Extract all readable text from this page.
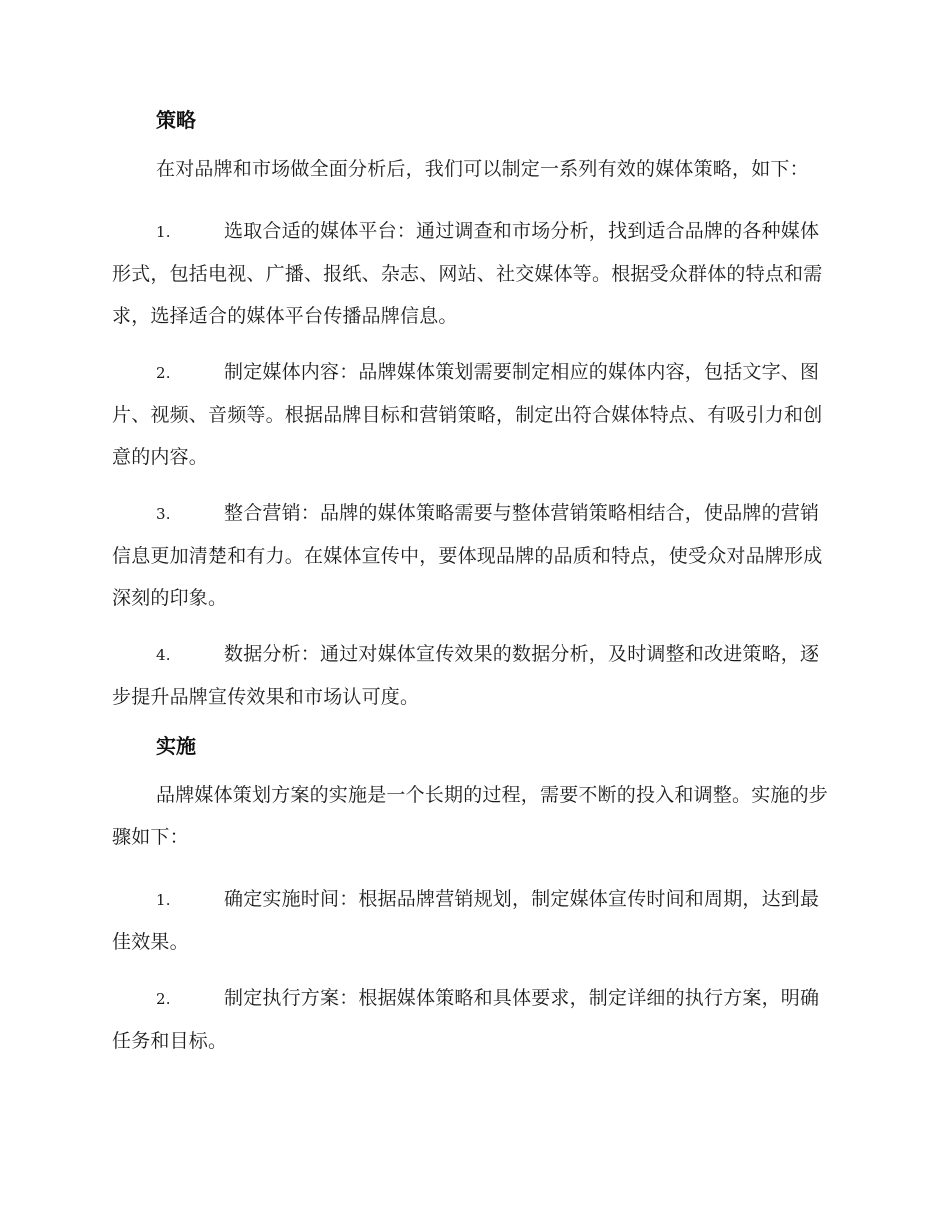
策略

在对品牌和市场做全面分析后，我们可以制定一系列有效的媒体策略，如下：

1.	选取合适的媒体平台：通过调查和市场分析，找到适合品牌的各种媒体形式，包括电视、广播、报纸、杂志、网站、社交媒体等。根据受众群体的特点和需求，选择适合的媒体平台传播品牌信息。

2.	制定媒体内容：品牌媒体策划需要制定相应的媒体内容，包括文字、图片、视频、音频等。根据品牌目标和营销策略，制定出符合媒体特点、有吸引力和创意的内容。

3.	整合营销：品牌的媒体策略需要与整体营销策略相结合，使品牌的营销信息更加清楚和有力。在媒体宣传中，要体现品牌的品质和特点，使受众对品牌形成深刻的印象。

4.	数据分析：通过对媒体宣传效果的数据分析，及时调整和改进策略，逐步提升品牌宣传效果和市场认可度。

实施

品牌媒体策划方案的实施是一个长期的过程，需要不断的投入和调整。实施的步骤如下：

1.	确定实施时间：根据品牌营销规划，制定媒体宣传时间和周期，达到最佳效果。

2.	制定执行方案：根据媒体策略和具体要求，制定详细的执行方案，明确任务和目标。
